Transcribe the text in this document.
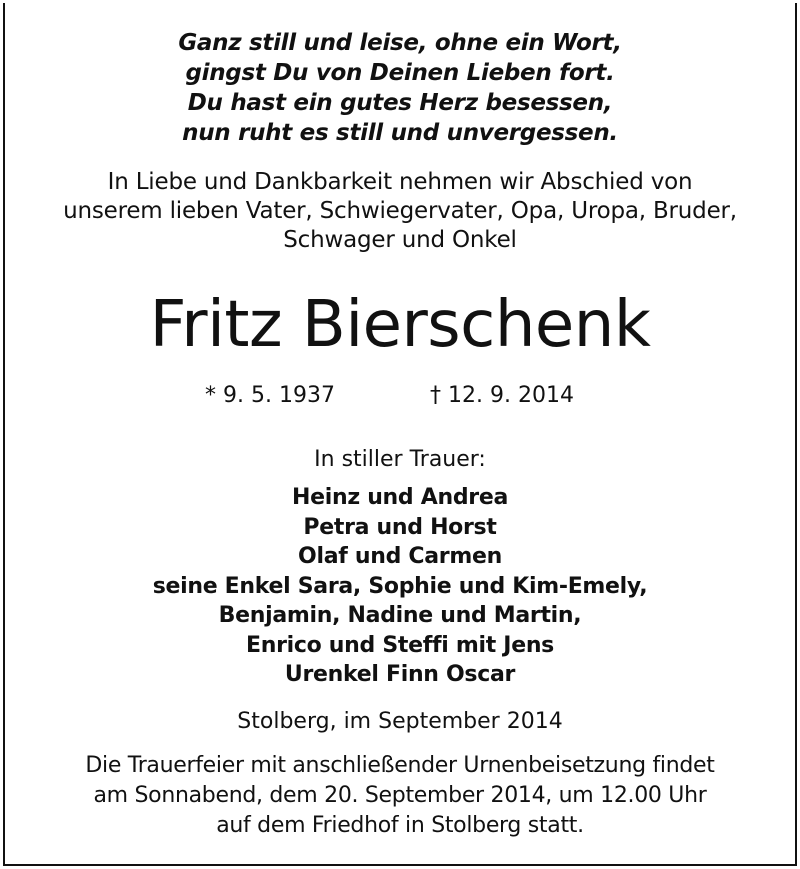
Ganz still und leise, ohne ein Wort,
gingst Du von Deinen Lieben fort.
Du hast ein gutes Herz besessen,
nun ruht es still und unvergessen.
In Liebe und Dankbarkeit nehmen wir Abschied von
unserem lieben Vater, Schwiegervater, Opa, Uropa, Bruder,
Schwager und Onkel
Fritz Bierschenk
* 9. 5. 1937	† 12. 9. 2014
In stiller Trauer:
Heinz und Andrea
Petra und Horst
Olaf und Carmen
seine Enkel Sara, Sophie und Kim-Emely,
Benjamin, Nadine und Martin,
Enrico und Steffi mit Jens
Urenkel Finn Oscar
Stolberg, im September 2014
Die Trauerfeier mit anschließender Urnenbeisetzung findet
am Sonnabend, dem 20. September 2014, um 12.00 Uhr
auf dem Friedhof in Stolberg statt.
